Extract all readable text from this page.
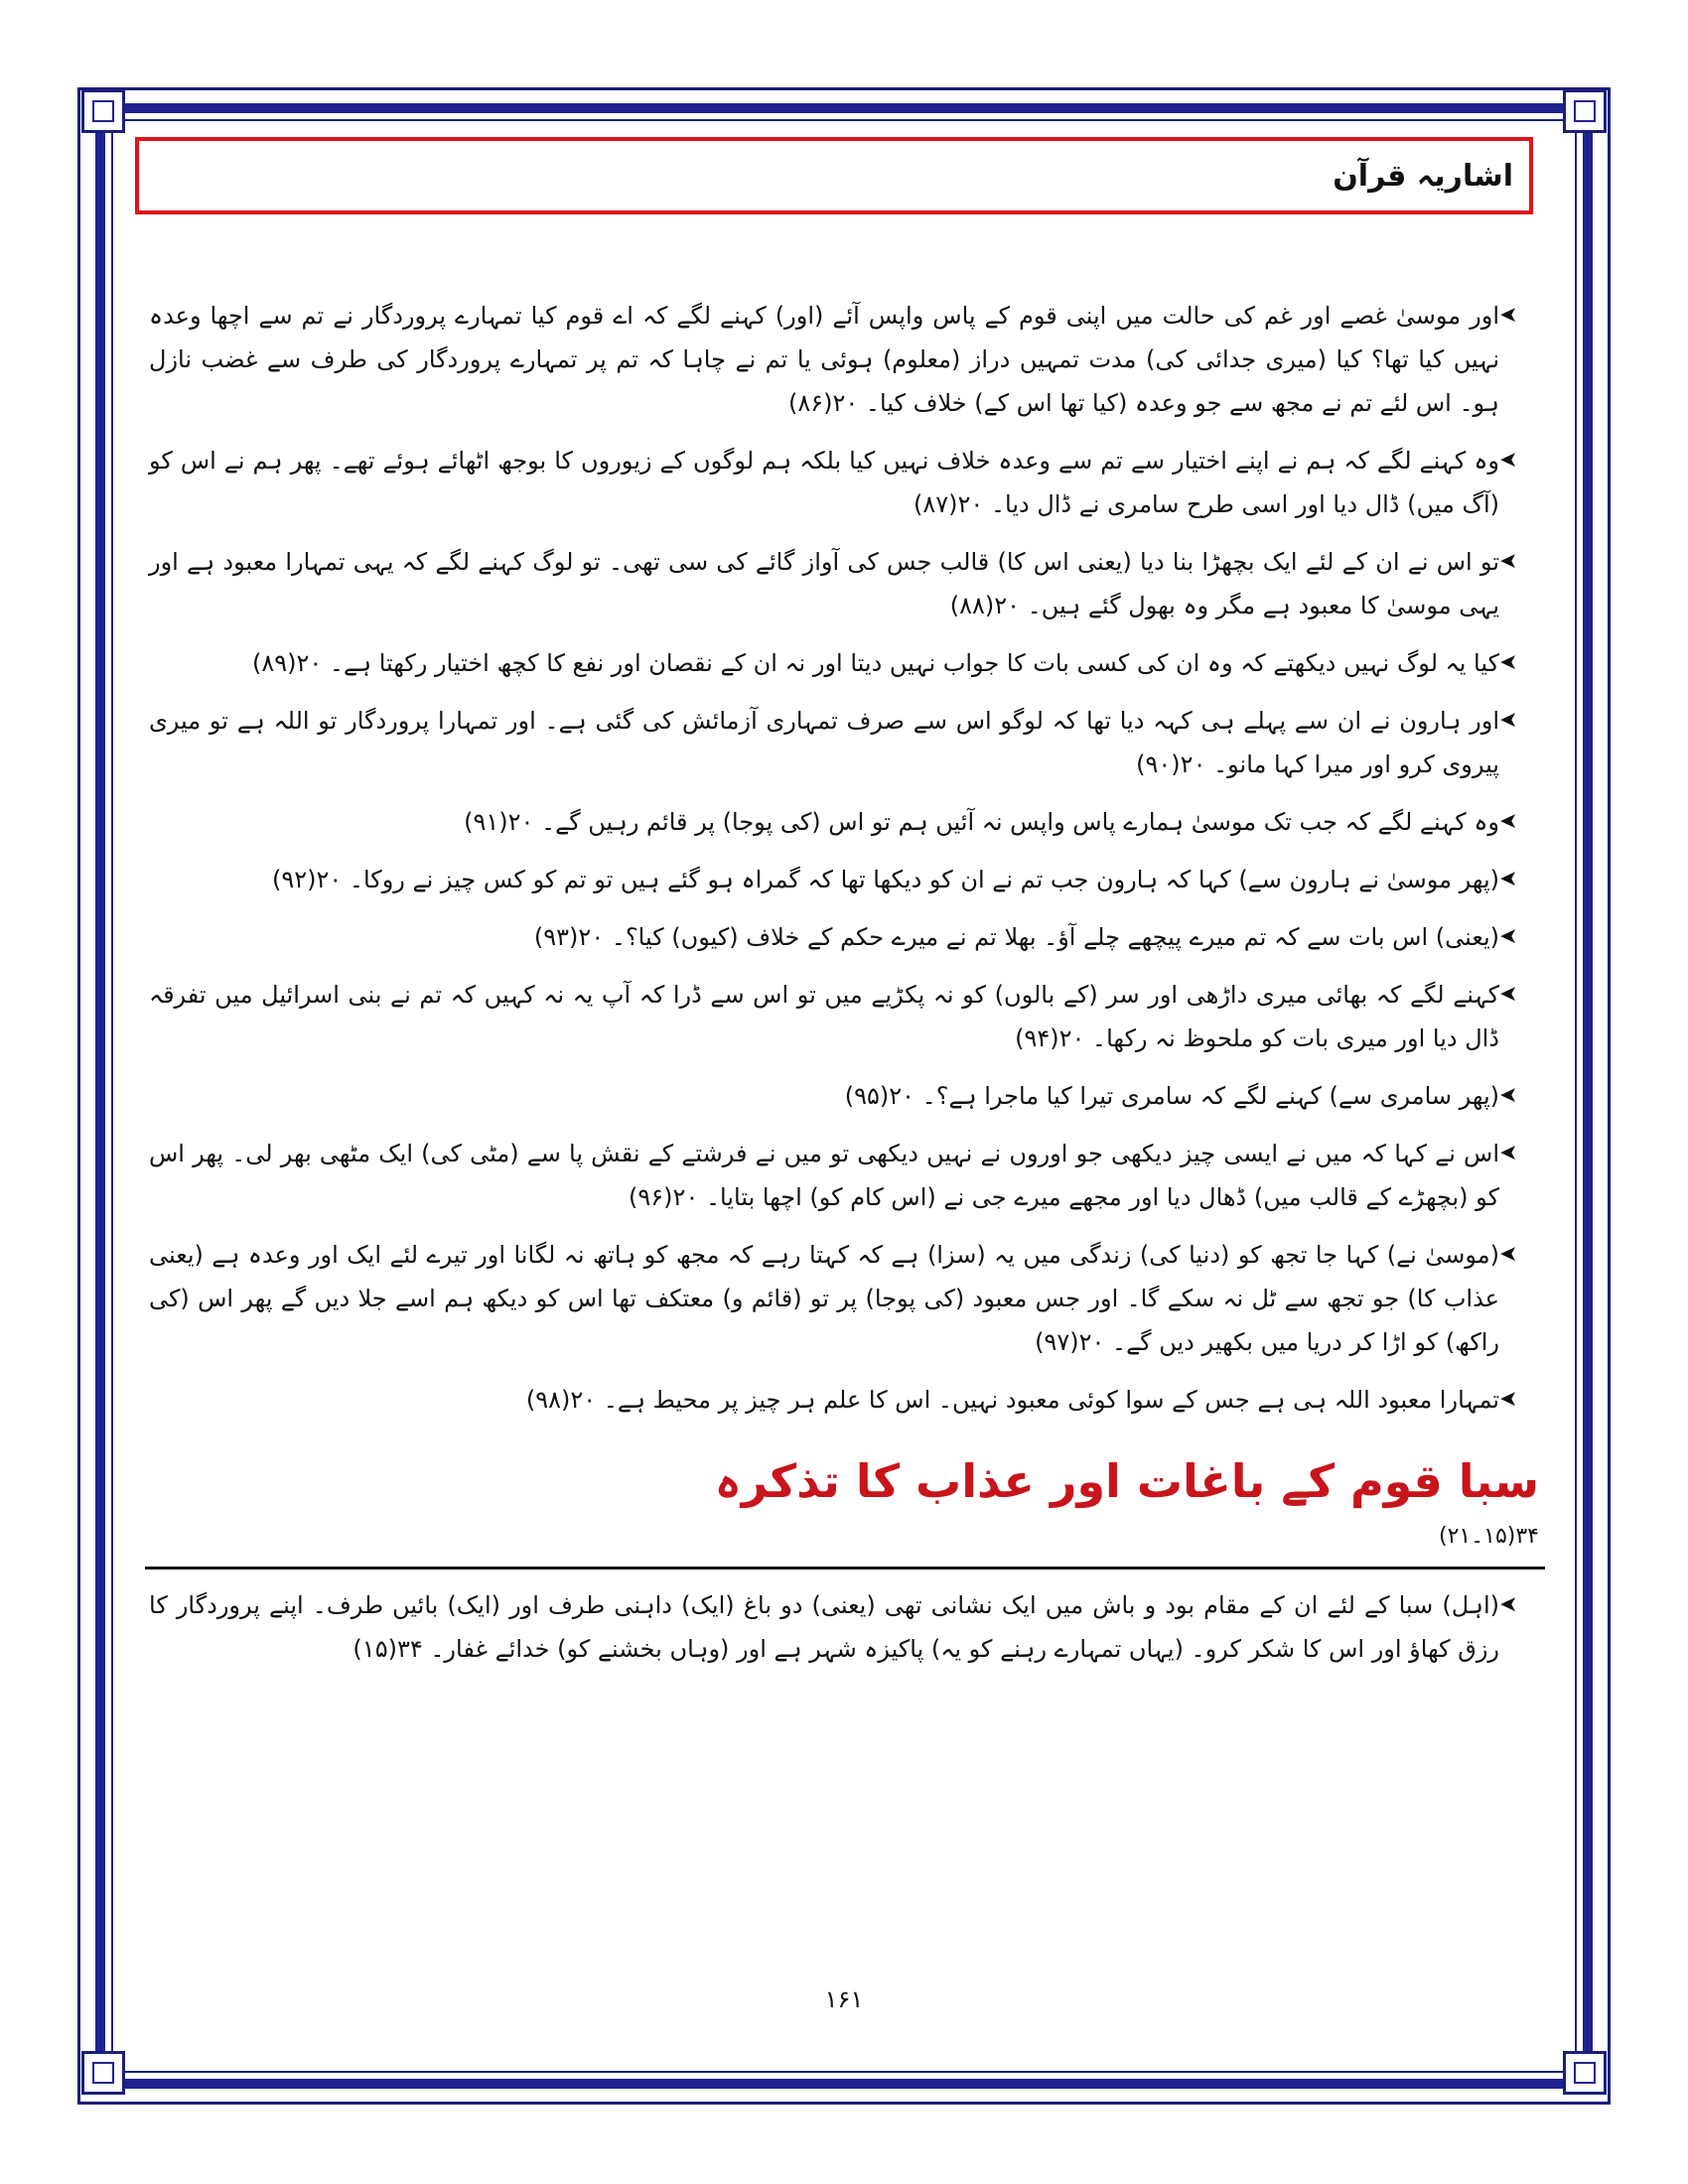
اشاریہ قرآن
➤
اور موسیٰ غصے اور غم کی حالت میں اپنی قوم کے پاس واپس آئے (اور) کہنے لگے کہ اے قوم کیا تمہارے پروردگار نے تم سے اچھا وعدہ نہیں کیا تھا؟ کیا (میری جدائی کی) مدت تمہیں دراز (معلوم) ہوئی یا تم نے چاہا کہ تم پر تمہارے پروردگار کی طرف سے غضب نازل ہو۔ اس لئے تم نے مجھ سے جو وعدہ (کیا تھا اس کے) خلاف کیا۔ ۲۰(۸۶)
➤
وہ کہنے لگے کہ ہم نے اپنے اختیار سے تم سے وعدہ خلاف نہیں کیا بلکہ ہم لوگوں کے زیوروں کا بوجھ اٹھائے ہوئے تھے۔ پھر ہم نے اس کو (آگ میں) ڈال دیا اور اسی طرح سامری نے ڈال دیا۔ ۲۰(۸۷)
➤
تو اس نے ان کے لئے ایک بچھڑا بنا دیا (یعنی اس کا) قالب جس کی آواز گائے کی سی تھی۔ تو لوگ کہنے لگے کہ یہی تمہارا معبود ہے اور یہی موسیٰ کا معبود ہے مگر وہ بھول گئے ہیں۔ ۲۰(۸۸)
➤
کیا یہ لوگ نہیں دیکھتے کہ وہ ان کی کسی بات کا جواب نہیں دیتا اور نہ ان کے نقصان اور نفع کا کچھ اختیار رکھتا ہے۔ ۲۰(۸۹)
➤
اور ہارون نے ان سے پہلے ہی کہہ دیا تھا کہ لوگو اس سے صرف تمہاری آزمائش کی گئی ہے۔ اور تمہارا پروردگار تو اللہ ہے تو میری پیروی کرو اور میرا کہا مانو۔ ۲۰(۹۰)
➤
وہ کہنے لگے کہ جب تک موسیٰ ہمارے پاس واپس نہ آئیں ہم تو اس (کی پوجا) پر قائم رہیں گے۔ ۲۰(۹۱)
➤
(پھر موسیٰ نے ہارون سے) کہا کہ ہارون جب تم نے ان کو دیکھا تھا کہ گمراہ ہو گئے ہیں تو تم کو کس چیز نے روکا۔ ۲۰(۹۲)
➤
(یعنی) اس بات سے کہ تم میرے پیچھے چلے آؤ۔ بھلا تم نے میرے حکم کے خلاف (کیوں) کیا؟۔ ۲۰(۹۳)
➤
کہنے لگے کہ بھائی میری داڑھی اور سر (کے بالوں) کو نہ پکڑیے میں تو اس سے ڈرا کہ آپ یہ نہ کہیں کہ تم نے بنی اسرائیل میں تفرقہ ڈال دیا اور میری بات کو ملحوظ نہ رکھا۔ ۲۰(۹۴)
➤
(پھر سامری سے) کہنے لگے کہ سامری تیرا کیا ماجرا ہے؟۔ ۲۰(۹۵)
➤
اس نے کہا کہ میں نے ایسی چیز دیکھی جو اوروں نے نہیں دیکھی تو میں نے فرشتے کے نقش پا سے (مٹی کی) ایک مٹھی بھر لی۔ پھر اس کو (بچھڑے کے قالب میں) ڈھال دیا اور مجھے میرے جی نے (اس کام کو) اچھا بتایا۔ ۲۰(۹۶)
➤
(موسیٰ نے) کہا جا تجھ کو (دنیا کی) زندگی میں یہ (سزا) ہے کہ کہتا رہے کہ مجھ کو ہاتھ نہ لگانا اور تیرے لئے ایک اور وعدہ ہے (یعنی عذاب کا) جو تجھ سے ٹل نہ سکے گا۔ اور جس معبود (کی پوجا) پر تو (قائم و) معتکف تھا اس کو دیکھ ہم اسے جلا دیں گے پھر اس (کی راکھ) کو اڑا کر دریا میں بکھیر دیں گے۔ ۲۰(۹۷)
➤
تمہارا معبود اللہ ہی ہے جس کے سوا کوئی معبود نہیں۔ اس کا علم ہر چیز پر محیط ہے۔ ۲۰(۹۸)
سبا قوم کے باغات اور عذاب کا تذکرہ
۳۴(۱۵۔۲۱)
➤
(اہل) سبا کے لئے ان کے مقام بود و باش میں ایک نشانی تھی (یعنی) دو باغ (ایک) داہنی طرف اور (ایک) بائیں طرف۔ اپنے پروردگار کا رزق کھاؤ اور اس کا شکر کرو۔ (یہاں تمہارے رہنے کو یہ) پاکیزہ شہر ہے اور (وہاں بخشنے کو) خدائے غفار۔ ۳۴(۱۵)
۱۶۱
